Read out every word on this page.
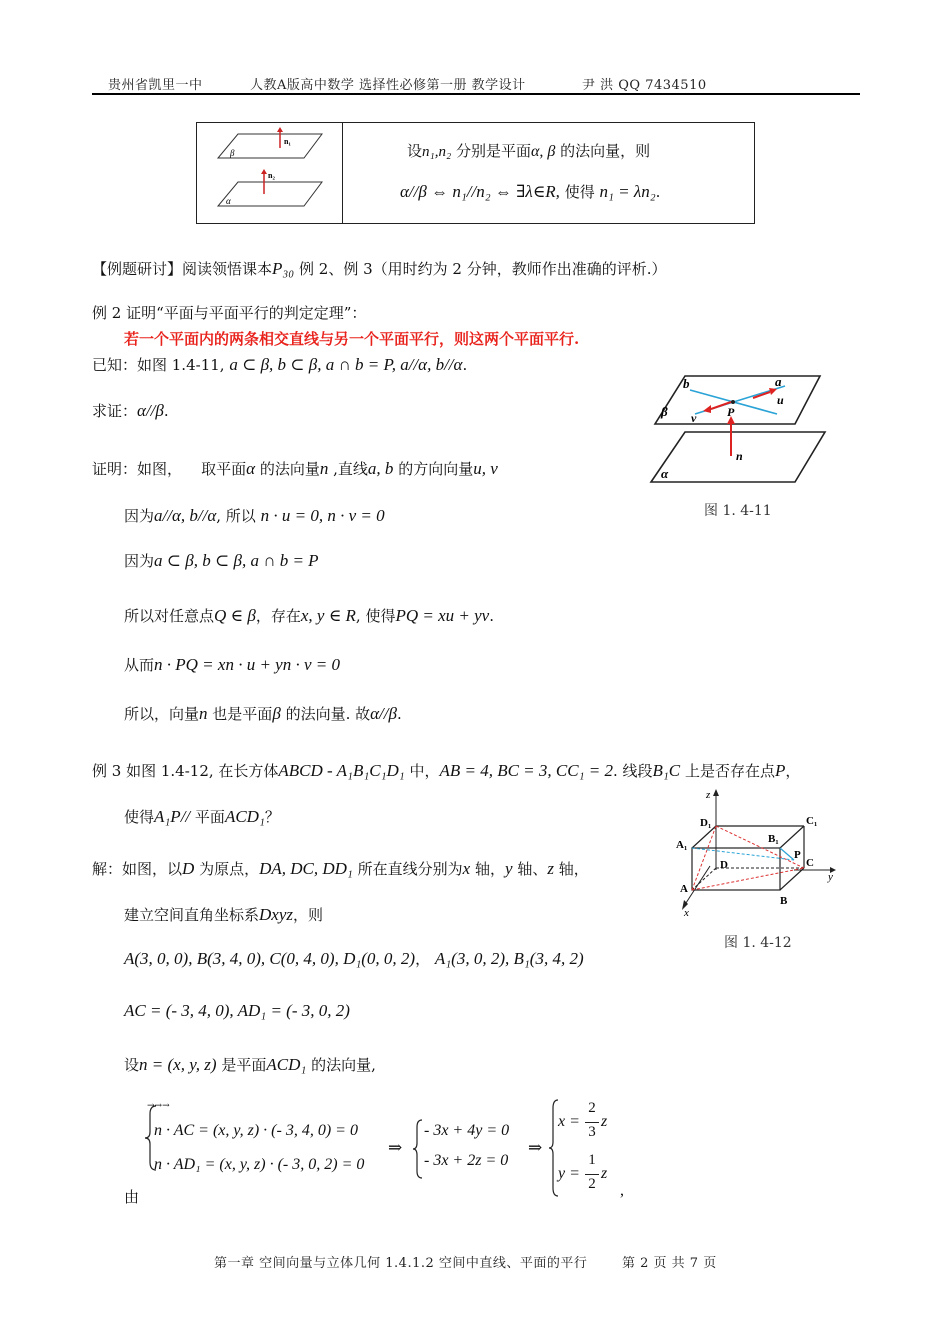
贵州省凯里一中	人教A版高中数学 选择性必修第一册 教学设计	尹 洪 QQ 7434510
n₁
n₂
β
α
设n₁,n₂ 分别是平面α, β 的法向量，则
α//β ⇔ n₁//n₂ ⇔ ∃λ∈R, 使得 n₁ = λn₂.
【例题研讨】阅读领悟课本P₃₀ 例 2、例 3（用时约为 2 分钟，教师作出准确的评析.）
例 2 证明“平面与平面平行的判定定理”：
若一个平面内的两条相交直线与另一个平面平行，则这两个平面平行.
已知：如图 1.4-11, a ⊂ β, b ⊂ β, a ∩ b = P, a//α, b//α.
求证：α//β.
证明：如图， 取平面α 的法向量n ,直线a, b 的方向向量u, v
因为a//α, b//α, 所以 n · u = 0, n · v = 0
因为a ⊂ β, b ⊂ β, a ∩ b = P
所以对任意点Q ∈ β，存在x, y ∈ R, 使得PQ = xu + yv.
从而n · PQ = xn · u + yn · v = 0
所以，向量n 也是平面β 的法向量. 故α//β.
b	a
β v	P
u
n
α
图 1. 4-11
例 3 如图 1.4-12, 在长方体ABCD - A₁B₁C₁D₁ 中，AB = 4, BC = 3, CC₁ = 2. 线段B₁C 上是否存在点P，
使得A₁P// 平面ACD₁？
解：如图，以D 为原点，DA, DC, DD₁ 所在直线分别为x 轴，y 轴、z 轴，
建立空间直角坐标系Dxyz，则
A(3, 0, 0), B(3, 4, 0), C(0, 4, 0), D₁(0, 0, 2)， A₁(3, 0, 2), B₁(3, 4, 2)
AC = (- 3, 4, 0), AD₁ = (- 3, 0, 2)
设n = (x, y, z) 是平面ACD₁ 的法向量,
n · AC = (x, y, z) · (- 3, 4, 0) = 0
n · AD₁ = (x, y, z) · (- 3, 0, 2) = 0
→→→
⇒
- 3x + 4y = 0
- 3x + 2z = 0
⇒
x =
2
3
z
y =
1
2
z
,
由
z
D₁	C₁
A₁	B₁
P
D	C
y
A
B
x
图 1. 4-12
第一章 空间向量与立体几何 1.4.1.2 空间中直线、平面的平行	第 2 页 共 7 页
